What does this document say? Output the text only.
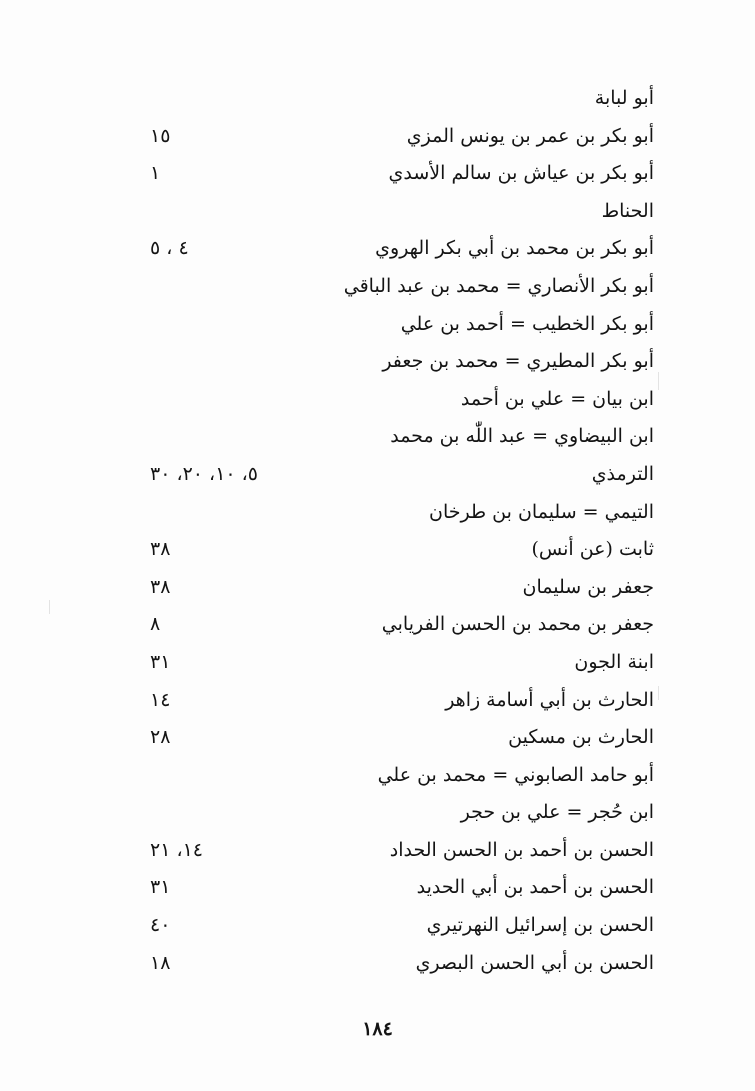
أبو لبابة
أبو بكر بن عمر بن يونس المزي
١٥
أبو بكر بن عياش بن سالم الأسدي
١
الحناط
أبو بكر بن محمد بن أبي بكر الهروي
٤ ، ٥
أبو بكر الأنصاري = محمد بن عبد الباقي
أبو بكر الخطيب = أحمد بن علي
أبو بكر المطيري = محمد بن جعفر
ابن بيان = علي بن أحمد
ابن البيضاوي = عبد اللّٰه بن محمد
الترمذي
٥، ١٠، ٢٠، ٣٠
التيمي = سليمان بن طرخان
ثابت (عن أنس)
٣٨
جعفر بن سليمان
٣٨
جعفر بن محمد بن الحسن الفريابي
٨
ابنة الجون
٣١
الحارث بن أبي أسامة زاهر
١٤
الحارث بن مسكين
٢٨
أبو حامد الصابوني = محمد بن علي
ابن حُجر = علي بن حجر
الحسن بن أحمد بن الحسن الحداد
١٤، ٢١
الحسن بن أحمد بن أبي الحديد
٣١
الحسن بن إسرائيل النهرتيري
٤٠
الحسن بن أبي الحسن البصري
١٨
١٨٤
